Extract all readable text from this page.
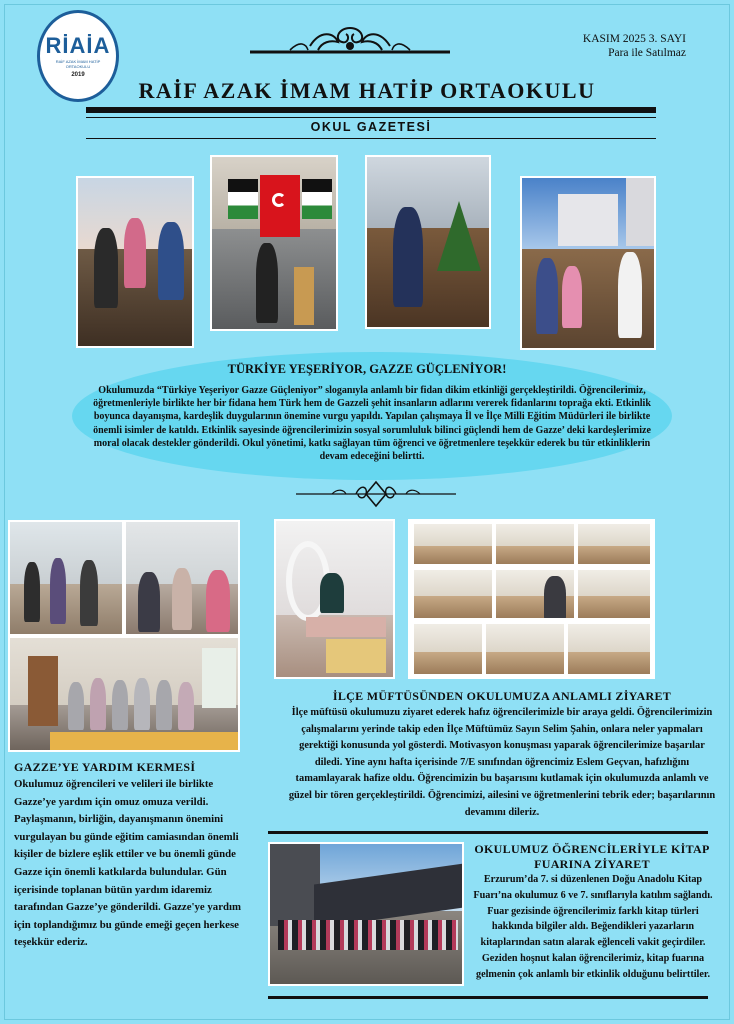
RİAİA
RAİF AZAK İMAM HATİP ORTAOKULU
2019
KASIM 2025 3. SAYI
Para ile Satılmaz
RAİF AZAK İMAM HATİP ORTAOKULU
OKUL GAZETESİ
TÜRKİYE YEŞERİYOR, GAZZE GÜÇLENİYOR!
Okulumuzda “Türkiye Yeşeriyor Gazze Güçleniyor” sloganıyla anlamlı bir fidan dikim etkinliği gerçekleştirildi. Öğrencilerimiz, öğretmenleriyle birlikte her bir fidana hem Türk hem de Gazzeli şehit insanların adlarını vererek fidanlarını toprağa ekti. Etkinlik boyunca dayanışma, kardeşlik duygularının önemine vurgu yapıldı. Yapılan çalışmaya İl ve İlçe Milli Eğitim Müdürleri ile birlikte önemli isimler de katıldı. Etkinlik sayesinde öğrencilerimizin sosyal sorumluluk bilinci güçlendi hem de Gazze’ deki kardeşlerimize moral olacak destekler gönderildi. Okul yönetimi, katkı sağlayan tüm öğrenci ve öğretmenlere teşekkür ederek bu tür etkinliklerin devam edeceğini belirtti.
İLÇE MÜFTÜSÜNDEN OKULUMUZA ANLAMLI ZİYARET
İlçe müftüsü okulumuzu ziyaret ederek hafız öğrencilerimizle bir araya geldi. Öğrencilerimizin çalışmalarını yerinde takip eden İlçe Müftümüz Sayın Selim Şahin, onlara neler yapmaları gerektiği konusunda yol gösterdi. Motivasyon konuşması yaparak öğrencilerimize başarılar diledi. Yine aynı hafta içerisinde 7/E sınıfından öğrencimiz Eslem Geçvan, hafızlığını tamamlayarak hafize oldu. Öğrencimizin bu başarısını kutlamak için okulumuzda anlamlı ve güzel bir tören gerçekleştirildi. Öğrencimizi, ailesini ve öğretmenlerini tebrik eder; başarılarının devamını dileriz.
GAZZE’YE YARDIM KERMESİ
Okulumuz öğrencileri ve velileri ile birlikte Gazze’ye yardım için omuz omuza verildi. Paylaşmanın, birliğin, dayanışmanın önemini vurgulayan bu günde eğitim camiasından önemli kişiler de bizlere eşlik ettiler ve bu önemli günde Gazze için önemli katkılarda bulundular. Gün içerisinde toplanan bütün yardım idaremiz tarafından Gazze’ye gönderildi. Gazze'ye yardım için toplandığımız bu günde emeği geçen herkese teşekkür ederiz.
OKULUMUZ ÖĞRENCİLERİYLE KİTAP
FUARINA ZİYARET
Erzurum’da 7. si düzenlenen Doğu Anadolu Kitap Fuarı’na okulumuz 6 ve 7. sınıflarıyla katılım sağlandı. Fuar gezisinde öğrencilerimiz farklı kitap türleri hakkında bilgiler aldı. Beğendikleri yazarların kitaplarından satın alarak eğlenceli vakit geçirdiler. Geziden hoşnut kalan öğrencilerimiz, kitap fuarına gelmenin çok anlamlı bir etkinlik olduğunu belirttiler.
